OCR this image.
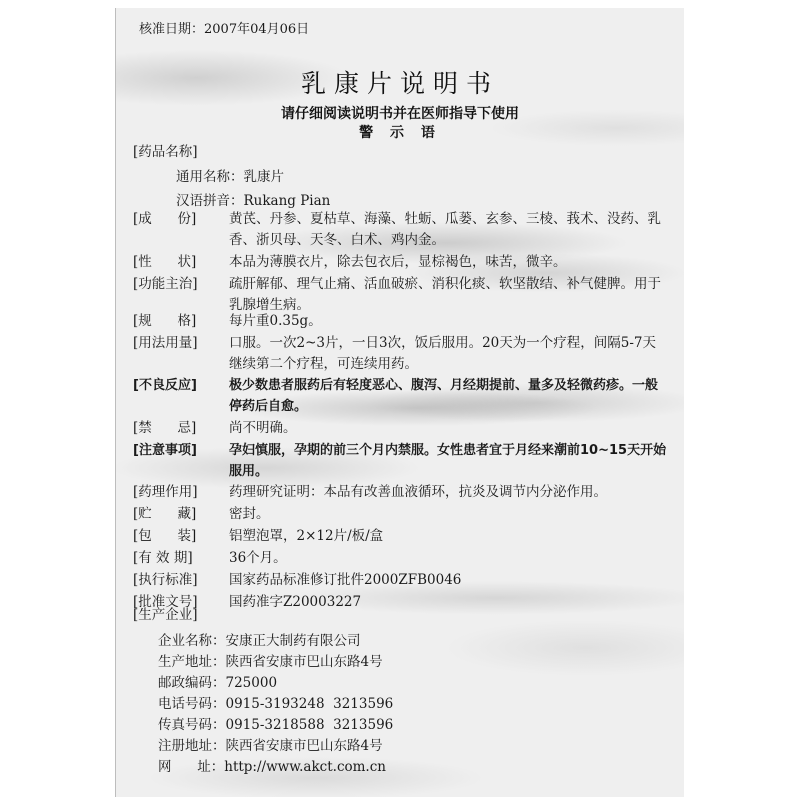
核准日期：2007年04月06日
乳康片说明书
请仔细阅读说明书并在医师指导下使用
警 示 语
[药品名称]
通用名称：乳康片
汉语拼音：Rukang Pian
[成      份] 黄芪、丹参、夏枯草、海藻、牡蛎、瓜蒌、玄参、三棱、莪术、没药、乳香、浙贝母、天冬、白术、鸡内金。
[性      状] 本品为薄膜衣片，除去包衣后，显棕褐色，味苦，微辛。
[功能主治] 疏肝解郁、理气止痛、活血破瘀、消积化痰、软坚散结、补气健脾。用于乳腺增生病。
[规      格] 每片重0.35g。
[用法用量] 口服。一次2~3片，一日3次，饭后服用。20天为一个疗程，间隔5-7天继续第二个疗程，可连续用药。
[不良反应] 极少数患者服药后有轻度恶心、腹泻、月经期提前、量多及轻微药疹。一般停药后自愈。
[禁      忌] 尚不明确。
[注意事项] 孕妇慎服，孕期的前三个月内禁服。女性患者宜于月经来潮前10~15天开始服用。
[药理作用] 药理研究证明：本品有改善血液循环，抗炎及调节内分泌作用。
[贮      藏] 密封。
[包      装] 铝塑泡罩，2×12片/板/盒
[有 效 期]	36个月。
[执行标准] 国家药品标准修订批件2000ZFB0046
[批准文号] 国药准字Z20003227
[生产企业]
企业名称：安康正大制药有限公司
生产地址：陕西省安康市巴山东路4号
邮政编码：725000
电话号码：0915-3193248  3213596
传真号码：0915-3218588  3213596
注册地址：陕西省安康市巴山东路4号
网      址：http://www.akct.com.cn
